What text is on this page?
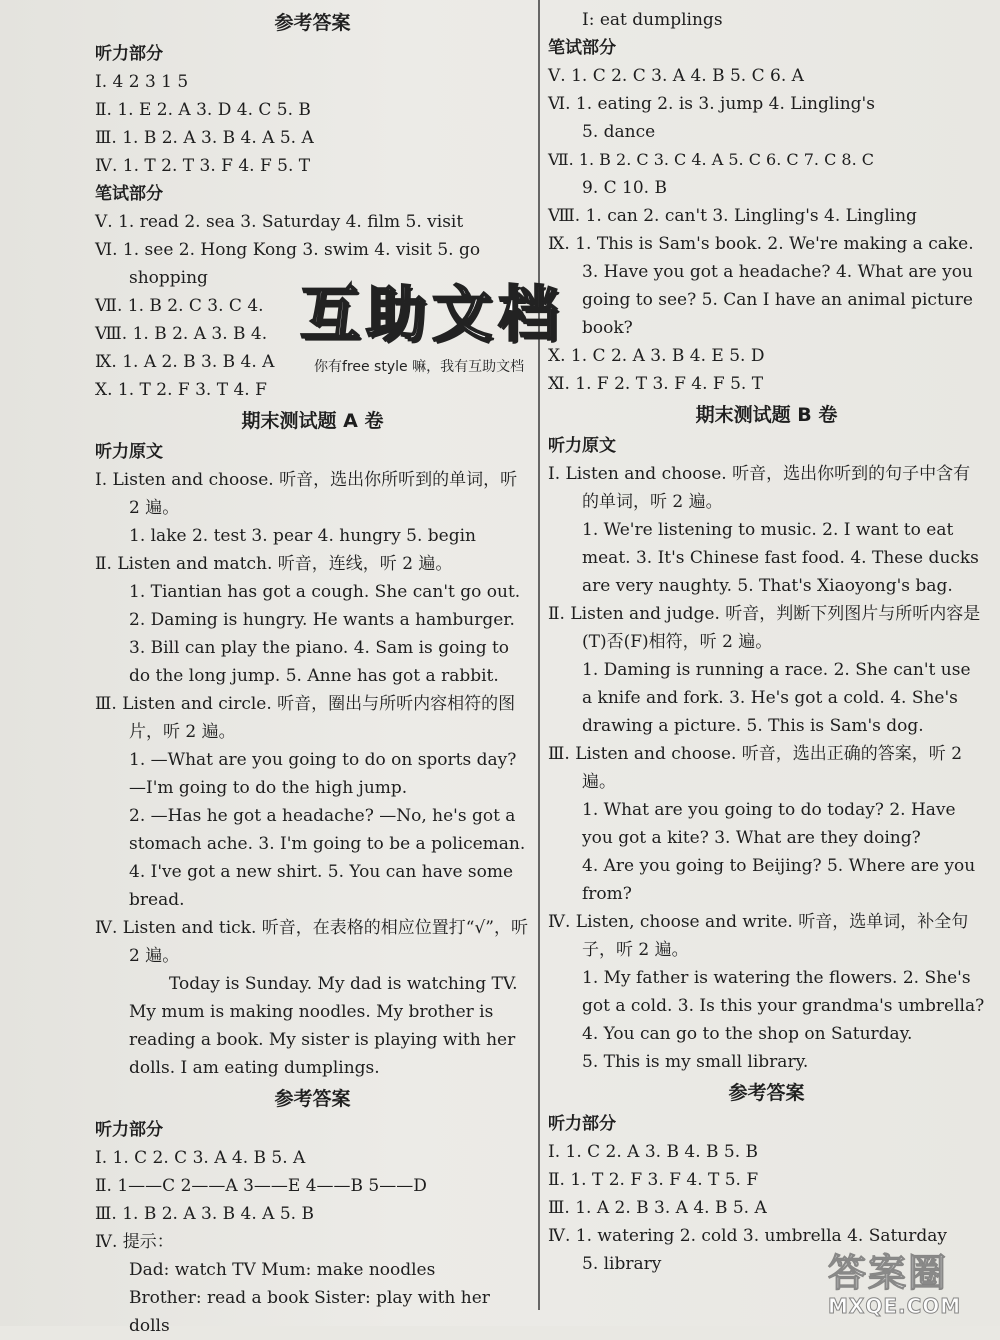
参考答案
听力部分
Ⅰ. 4 2 3 1 5
Ⅱ. 1. E 2. A 3. D 4. C 5. B
Ⅲ. 1. B 2. A 3. B 4. A 5. A
Ⅳ. 1. T 2. T 3. F 4. F 5. T
笔试部分
Ⅴ. 1. read 2. sea 3. Saturday 4. film 5. visit
Ⅵ. 1. see 2. Hong Kong 3. swim 4. visit 5. go
shopping
Ⅶ. 1. B 2. C 3. C 4.
Ⅷ. 1. B 2. A 3. B 4.
Ⅸ. 1. A 2. B 3. B 4. A
Ⅹ. 1. T 2. F 3. T 4. F
期末测试题 A 卷
听力原文
Ⅰ. Listen and choose. 听音，选出你所听到的单词，听 2 遍。
1. lake 2. test 3. pear 4. hungry 5. begin
Ⅱ. Listen and match. 听音，连线，听 2 遍。
1. Tiantian has got a cough. She can't go out.
2. Daming is hungry. He wants a hamburger.
3. Bill can play the piano. 4. Sam is going to do the long jump. 5. Anne has got a rabbit.
Ⅲ. Listen and circle. 听音，圈出与所听内容相符的图片，听 2 遍。
1. —What are you going to do on sports day? —I'm going to do the high jump.
2. —Has he got a headache? —No, he's got a stomach ache. 3. I'm going to be a policeman.
4. I've got a new shirt. 5. You can have some bread.
Ⅳ. Listen and tick. 听音，在表格的相应位置打“√”，听 2 遍。
Today is Sunday. My dad is watching TV. My mum is making noodles. My brother is reading a book. My sister is playing with her dolls. I am eating dumplings.
参考答案
听力部分
Ⅰ. 1. C 2. C 3. A 4. B 5. A
Ⅱ. 1——C 2——A 3——E 4——B 5——D
Ⅲ. 1. B 2. A 3. B 4. A 5. B
Ⅳ. 提示：
Dad: watch TV Mum: make noodles
Brother: read a book Sister: play with her
dolls
I: eat dumplings
笔试部分
Ⅴ. 1. C 2. C 3. A 4. B 5. C 6. A
Ⅵ. 1. eating 2. is 3. jump 4. Lingling's
5. dance
Ⅶ. 1. B 2. C 3. C 4. A 5. C 6. C 7. C 8. C
9. C 10. B
Ⅷ. 1. can 2. can't 3. Lingling's 4. Lingling
Ⅸ. 1. This is Sam's book. 2. We're making a cake. 3. Have you got a headache? 4. What are you going to see? 5. Can I have an animal picture book?
Ⅹ. 1. C 2. A 3. B 4. E 5. D
Ⅺ. 1. F 2. T 3. F 4. F 5. T
期末测试题 B 卷
听力原文
Ⅰ. Listen and choose. 听音，选出你听到的句子中含有的单词，听 2 遍。
1. We're listening to music. 2. I want to eat meat. 3. It's Chinese fast food. 4. These ducks are very naughty. 5. That's Xiaoyong's bag.
Ⅱ. Listen and judge. 听音，判断下列图片与所听内容是(T)否(F)相符，听 2 遍。
1. Daming is running a race. 2. She can't use a knife and fork. 3. He's got a cold. 4. She's drawing a picture. 5. This is Sam's dog.
Ⅲ. Listen and choose. 听音，选出正确的答案，听 2 遍。
1. What are you going to do today? 2. Have you got a kite? 3. What are they doing?
4. Are you going to Beijing? 5. Where are you from?
Ⅳ. Listen, choose and write. 听音，选单词，补全句子，听 2 遍。
1. My father is watering the flowers. 2. She's got a cold. 3. Is this your grandma's umbrella?
4. You can go to the shop on Saturday.
5. This is my small library.
参考答案
听力部分
Ⅰ. 1. C 2. A 3. B 4. B 5. B
Ⅱ. 1. T 2. F 3. F 4. T 5. F
Ⅲ. 1. A 2. B 3. A 4. B 5. A
Ⅳ. 1. watering 2. cold 3. umbrella 4. Saturday
5. library
互助文档
你有free style 嘛，我有互助文档
答案圈
MXQE.COM
